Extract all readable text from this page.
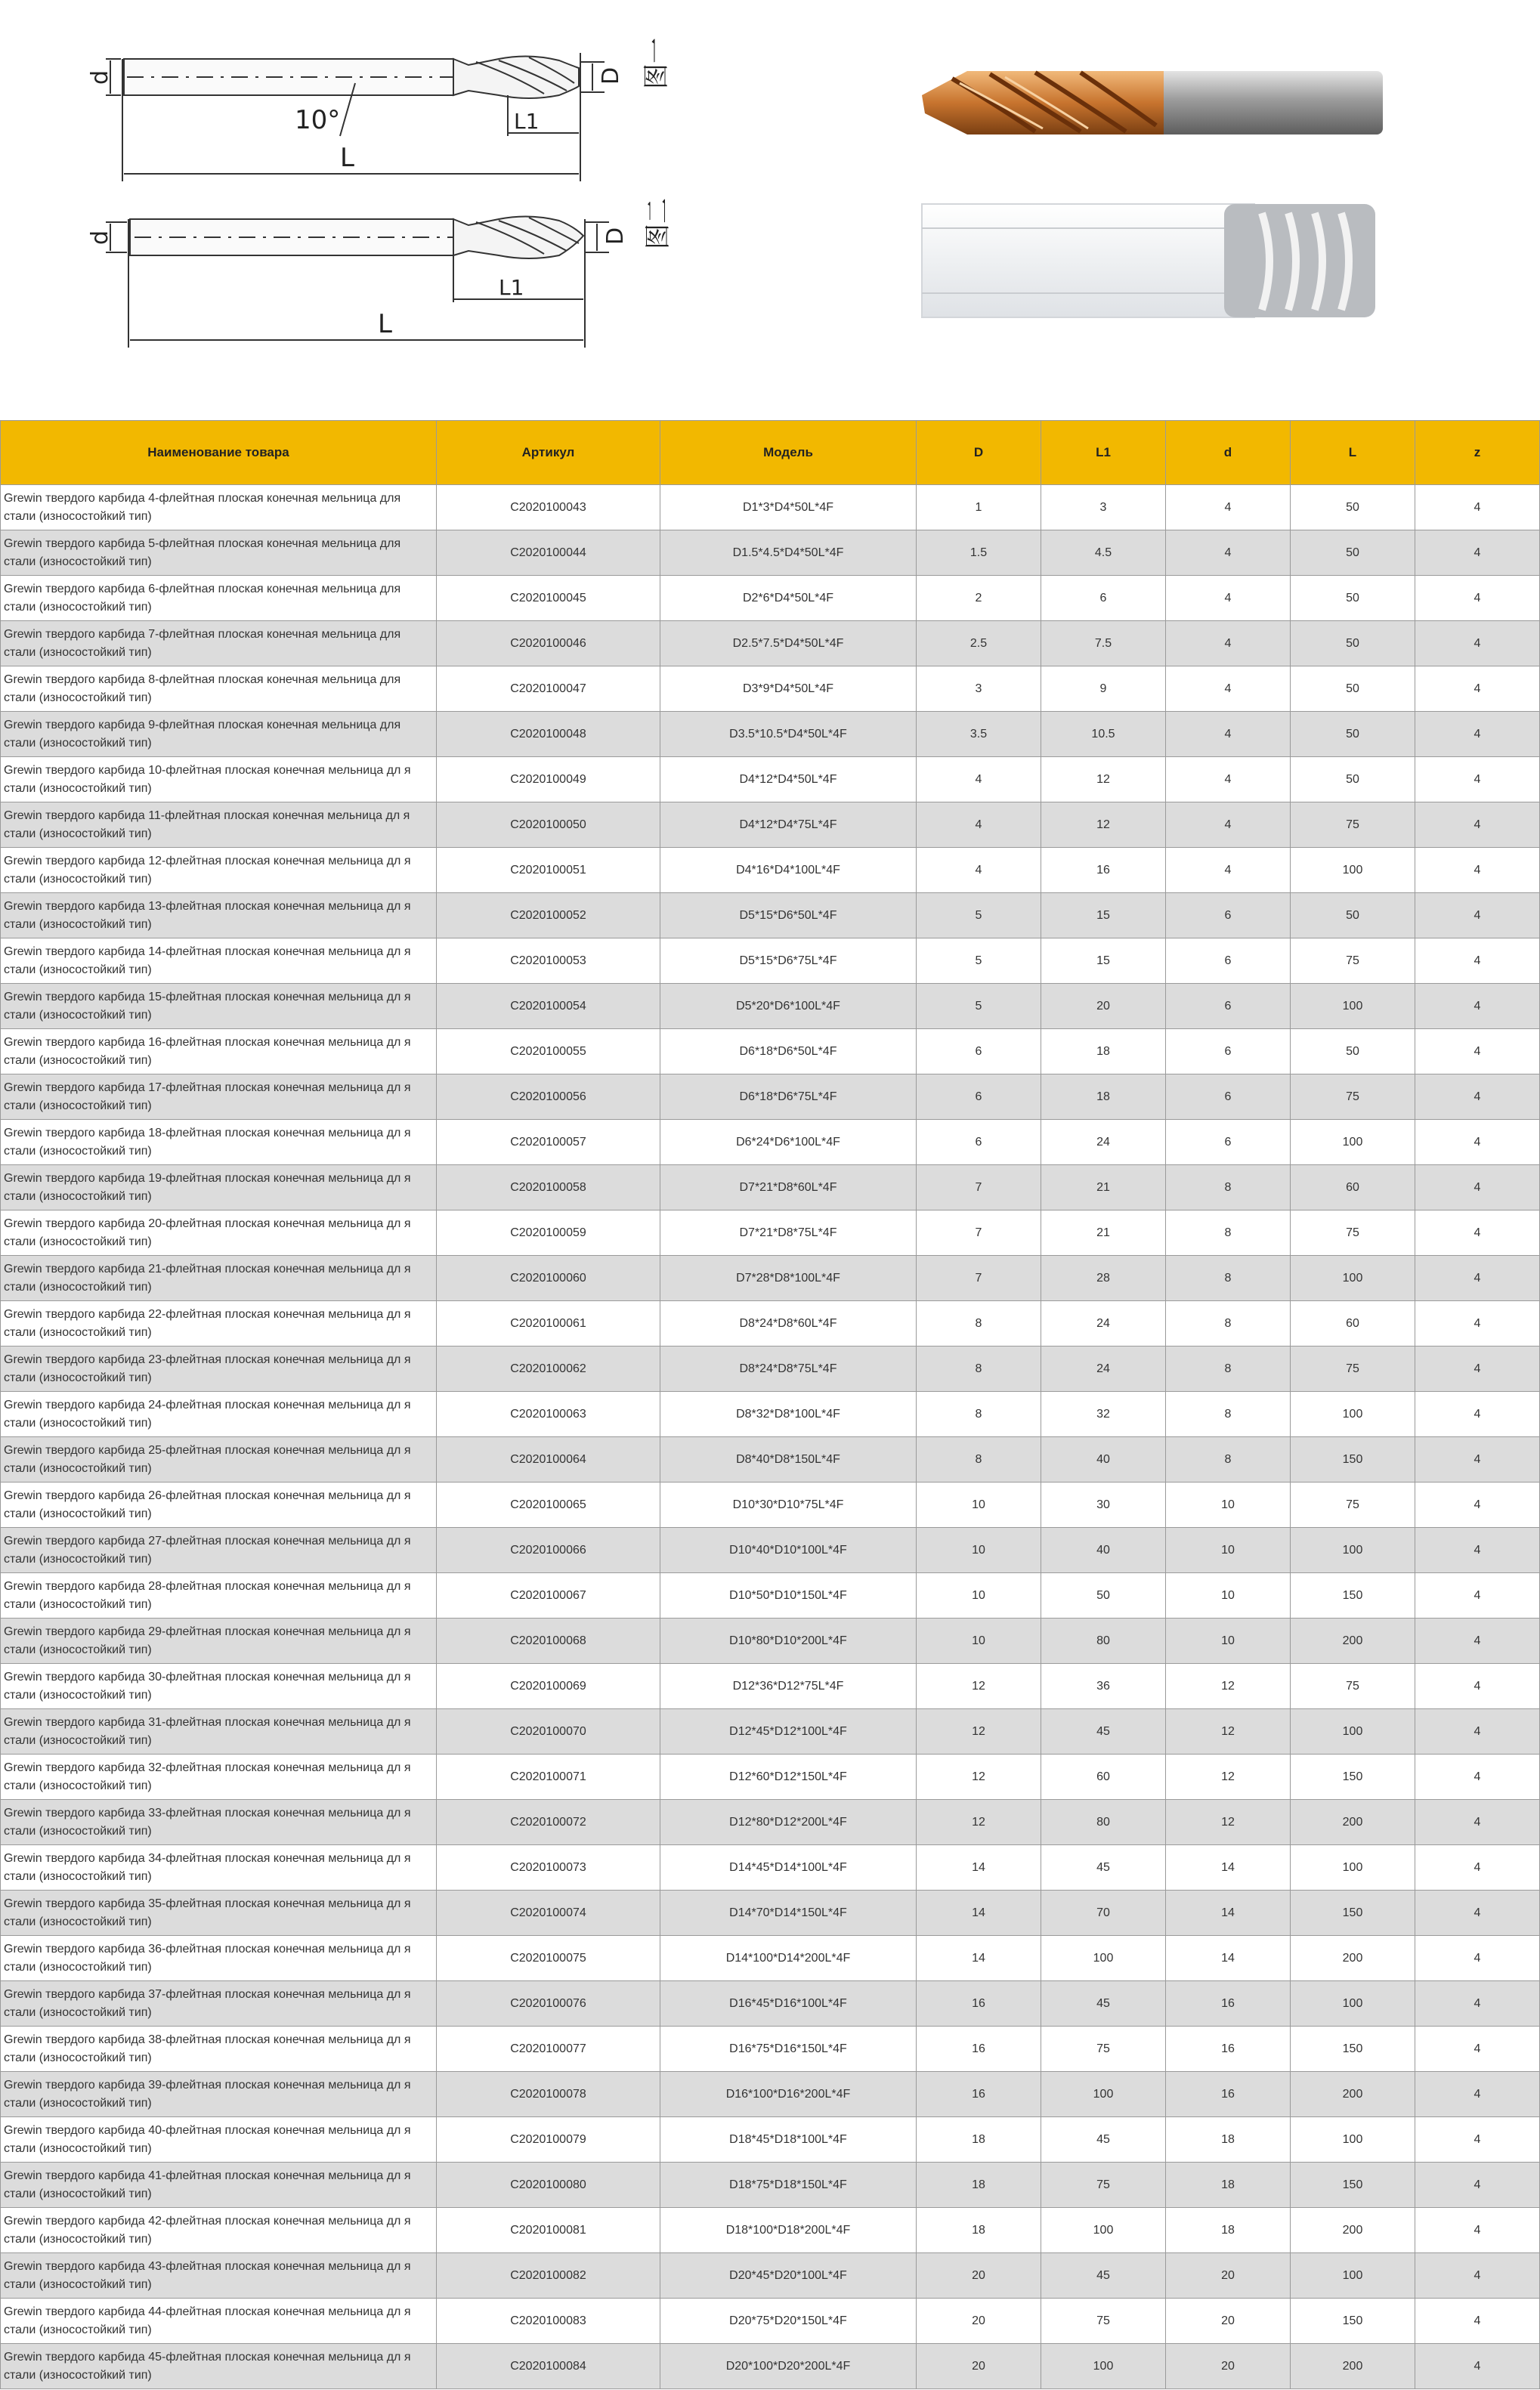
d	D 图一
10°	L1
L
d	D 图二
L1
L
Наименование товара	Артикул	Модель	D	L1	d	L	z
Grewin твердого карбида 4-флейтная плоская конечная мельница для стали (износостойкий тип)	C2020100043	D1*3*D4*50L*4F	1	3	4	50	4
Grewin твердого карбида 5-флейтная плоская конечная мельница для стали (износостойкий тип)	C2020100044	D1.5*4.5*D4*50L*4F	1.5	4.5	4	50	4
Grewin твердого карбида 6-флейтная плоская конечная мельница для стали (износостойкий тип)	C2020100045	D2*6*D4*50L*4F	2	6	4	50	4
Grewin твердого карбида 7-флейтная плоская конечная мельница для стали (износостойкий тип)	C2020100046	D2.5*7.5*D4*50L*4F	2.5	7.5	4	50	4
Grewin твердого карбида 8-флейтная плоская конечная мельница для стали (износостойкий тип)	C2020100047	D3*9*D4*50L*4F	3	9	4	50	4
Grewin твердого карбида 9-флейтная плоская конечная мельница для стали (износостойкий тип)	C2020100048	D3.5*10.5*D4*50L*4F	3.5	10.5	4	50	4
Grewin твердого карбида 10-флейтная плоская конечная мельница дл я стали (износостойкий тип)	C2020100049	D4*12*D4*50L*4F	4	12	4	50	4
Grewin твердого карбида 11-флейтная плоская конечная мельница дл я стали (износостойкий тип)	C2020100050	D4*12*D4*75L*4F	4	12	4	75	4
Grewin твердого карбида 12-флейтная плоская конечная мельница дл я стали (износостойкий тип)	C2020100051	D4*16*D4*100L*4F	4	16	4	100	4
Grewin твердого карбида 13-флейтная плоская конечная мельница дл я стали (износостойкий тип)	C2020100052	D5*15*D6*50L*4F	5	15	6	50	4
Grewin твердого карбида 14-флейтная плоская конечная мельница дл я стали (износостойкий тип)	C2020100053	D5*15*D6*75L*4F	5	15	6	75	4
Grewin твердого карбида 15-флейтная плоская конечная мельница дл я стали (износостойкий тип)	C2020100054	D5*20*D6*100L*4F	5	20	6	100	4
Grewin твердого карбида 16-флейтная плоская конечная мельница дл я стали (износостойкий тип)	C2020100055	D6*18*D6*50L*4F	6	18	6	50	4
Grewin твердого карбида 17-флейтная плоская конечная мельница дл я стали (износостойкий тип)	C2020100056	D6*18*D6*75L*4F	6	18	6	75	4
Grewin твердого карбида 18-флейтная плоская конечная мельница дл я стали (износостойкий тип)	C2020100057	D6*24*D6*100L*4F	6	24	6	100	4
Grewin твердого карбида 19-флейтная плоская конечная мельница дл я стали (износостойкий тип)	C2020100058	D7*21*D8*60L*4F	7	21	8	60	4
Grewin твердого карбида 20-флейтная плоская конечная мельница дл я стали (износостойкий тип)	C2020100059	D7*21*D8*75L*4F	7	21	8	75	4
Grewin твердого карбида 21-флейтная плоская конечная мельница дл я стали (износостойкий тип)	C2020100060	D7*28*D8*100L*4F	7	28	8	100	4
Grewin твердого карбида 22-флейтная плоская конечная мельница дл я стали (износостойкий тип)	C2020100061	D8*24*D8*60L*4F	8	24	8	60	4
Grewin твердого карбида 23-флейтная плоская конечная мельница дл я стали (износостойкий тип)	C2020100062	D8*24*D8*75L*4F	8	24	8	75	4
Grewin твердого карбида 24-флейтная плоская конечная мельница дл я стали (износостойкий тип)	C2020100063	D8*32*D8*100L*4F	8	32	8	100	4
Grewin твердого карбида 25-флейтная плоская конечная мельница дл я стали (износостойкий тип)	C2020100064	D8*40*D8*150L*4F	8	40	8	150	4
Grewin твердого карбида 26-флейтная плоская конечная мельница дл я стали (износостойкий тип)	C2020100065	D10*30*D10*75L*4F	10	30	10	75	4
Grewin твердого карбида 27-флейтная плоская конечная мельница дл я стали (износостойкий тип)	C2020100066	D10*40*D10*100L*4F	10	40	10	100	4
Grewin твердого карбида 28-флейтная плоская конечная мельница дл я стали (износостойкий тип)	C2020100067	D10*50*D10*150L*4F	10	50	10	150	4
Grewin твердого карбида 29-флейтная плоская конечная мельница дл я стали (износостойкий тип)	C2020100068	D10*80*D10*200L*4F	10	80	10	200	4
Grewin твердого карбида 30-флейтная плоская конечная мельница дл я стали (износостойкий тип)	C2020100069	D12*36*D12*75L*4F	12	36	12	75	4
Grewin твердого карбида 31-флейтная плоская конечная мельница дл я стали (износостойкий тип)	C2020100070	D12*45*D12*100L*4F	12	45	12	100	4
Grewin твердого карбида 32-флейтная плоская конечная мельница дл я стали (износостойкий тип)	C2020100071	D12*60*D12*150L*4F	12	60	12	150	4
Grewin твердого карбида 33-флейтная плоская конечная мельница дл я стали (износостойкий тип)	C2020100072	D12*80*D12*200L*4F	12	80	12	200	4
Grewin твердого карбида 34-флейтная плоская конечная мельница дл я стали (износостойкий тип)	C2020100073	D14*45*D14*100L*4F	14	45	14	100	4
Grewin твердого карбида 35-флейтная плоская конечная мельница дл я стали (износостойкий тип)	C2020100074	D14*70*D14*150L*4F	14	70	14	150	4
Grewin твердого карбида 36-флейтная плоская конечная мельница дл я стали (износостойкий тип)	C2020100075	D14*100*D14*200L*4F	14	100	14	200	4
Grewin твердого карбида 37-флейтная плоская конечная мельница дл я стали (износостойкий тип)	C2020100076	D16*45*D16*100L*4F	16	45	16	100	4
Grewin твердого карбида 38-флейтная плоская конечная мельница дл я стали (износостойкий тип)	C2020100077	D16*75*D16*150L*4F	16	75	16	150	4
Grewin твердого карбида 39-флейтная плоская конечная мельница дл я стали (износостойкий тип)	C2020100078	D16*100*D16*200L*4F	16	100	16	200	4
Grewin твердого карбида 40-флейтная плоская конечная мельница дл я стали (износостойкий тип)	C2020100079	D18*45*D18*100L*4F	18	45	18	100	4
Grewin твердого карбида 41-флейтная плоская конечная мельница дл я стали (износостойкий тип)	C2020100080	D18*75*D18*150L*4F	18	75	18	150	4
Grewin твердого карбида 42-флейтная плоская конечная мельница дл я стали (износостойкий тип)	C2020100081	D18*100*D18*200L*4F	18	100	18	200	4
Grewin твердого карбида 43-флейтная плоская конечная мельница дл я стали (износостойкий тип)	C2020100082	D20*45*D20*100L*4F	20	45	20	100	4
Grewin твердого карбида 44-флейтная плоская конечная мельница дл я стали (износостойкий тип)	C2020100083	D20*75*D20*150L*4F	20	75	20	150	4
Grewin твердого карбида 45-флейтная плоская конечная мельница дл я стали (износостойкий тип)	C2020100084	D20*100*D20*200L*4F	20	100	20	200	4
